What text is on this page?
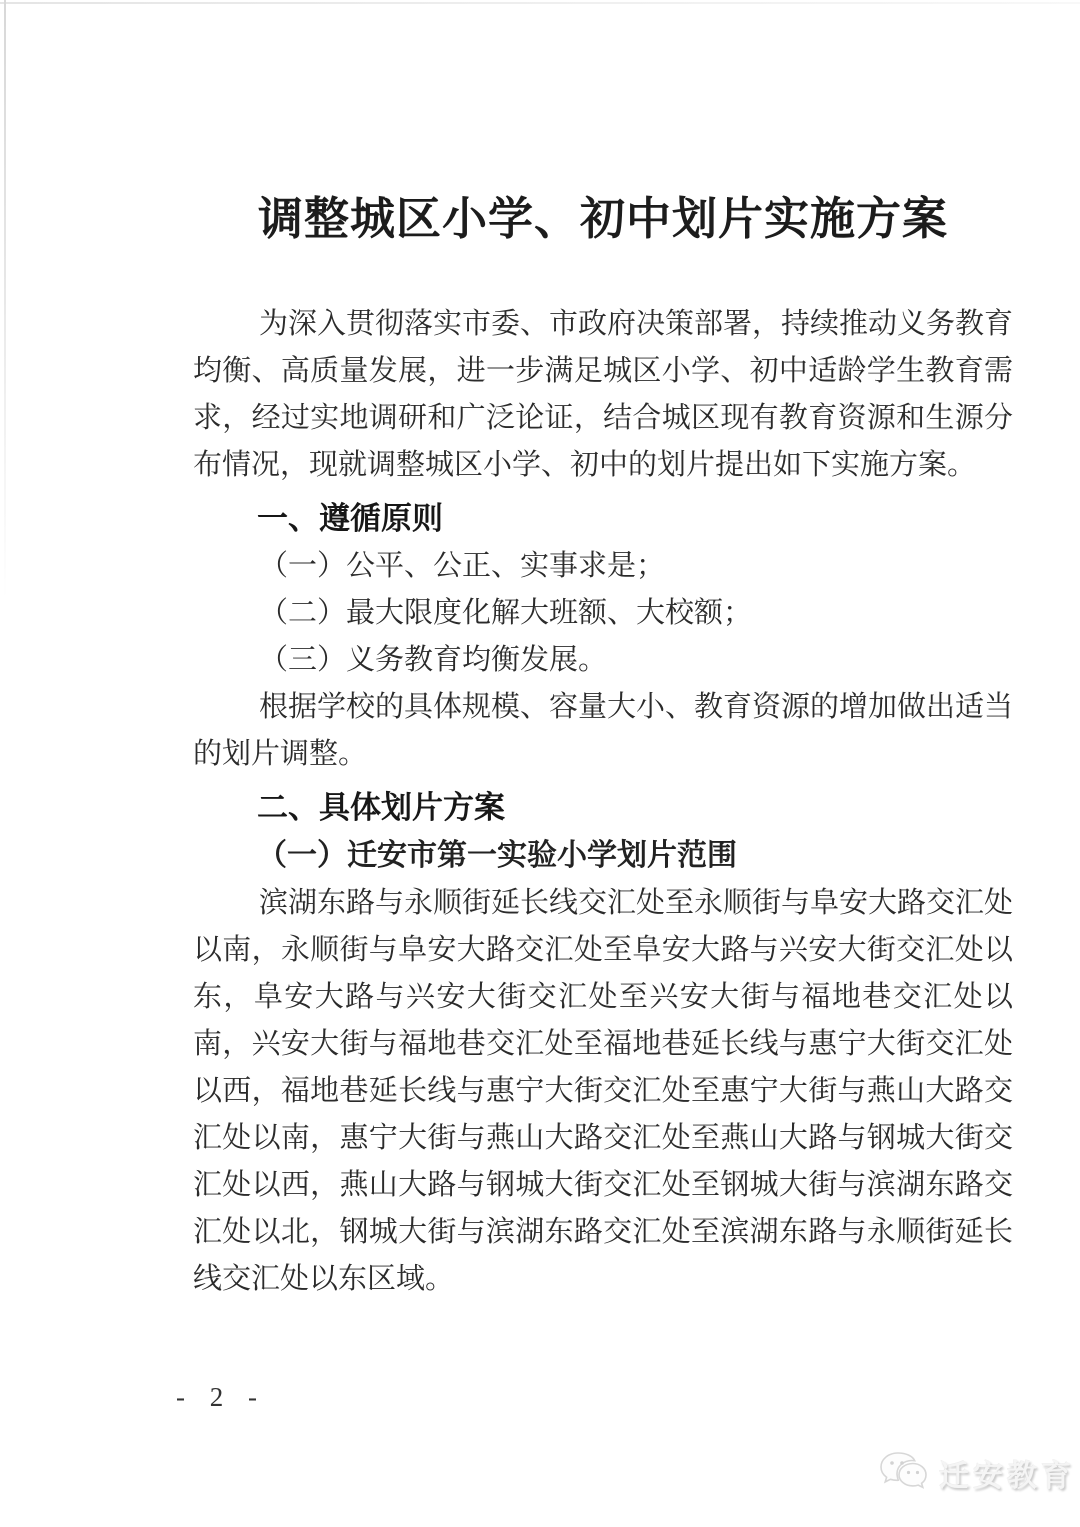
调整城区小学、初中划片实施方案

为深入贯彻落实市委、市政府决策部署，持续推动义务教育均衡、高质量发展，进一步满足城区小学、初中适龄学生教育需求，经过实地调研和广泛论证，结合城区现有教育资源和生源分布情况，现就调整城区小学、初中的划片提出如下实施方案。

一、遵循原则

（一）公平、公正、实事求是；

（二）最大限度化解大班额、大校额；

（三）义务教育均衡发展。

根据学校的具体规模、容量大小、教育资源的增加做出适当的划片调整。

二、具体划片方案

（一）迁安市第一实验小学划片范围

滨湖东路与永顺街延长线交汇处至永顺街与阜安大路交汇处以南，永顺街与阜安大路交汇处至阜安大路与兴安大街交汇处以东，阜安大路与兴安大街交汇处至兴安大街与福地巷交汇处以南，兴安大街与福地巷交汇处至福地巷延长线与惠宁大街交汇处以西，福地巷延长线与惠宁大街交汇处至惠宁大街与燕山大路交汇处以南，惠宁大街与燕山大路交汇处至燕山大路与钢城大街交汇处以西，燕山大路与钢城大街交汇处至钢城大街与滨湖东路交汇处以北，钢城大街与滨湖东路交汇处至滨湖东路与永顺街延长线交汇处以东区域。

- 2 -
迁安教育
